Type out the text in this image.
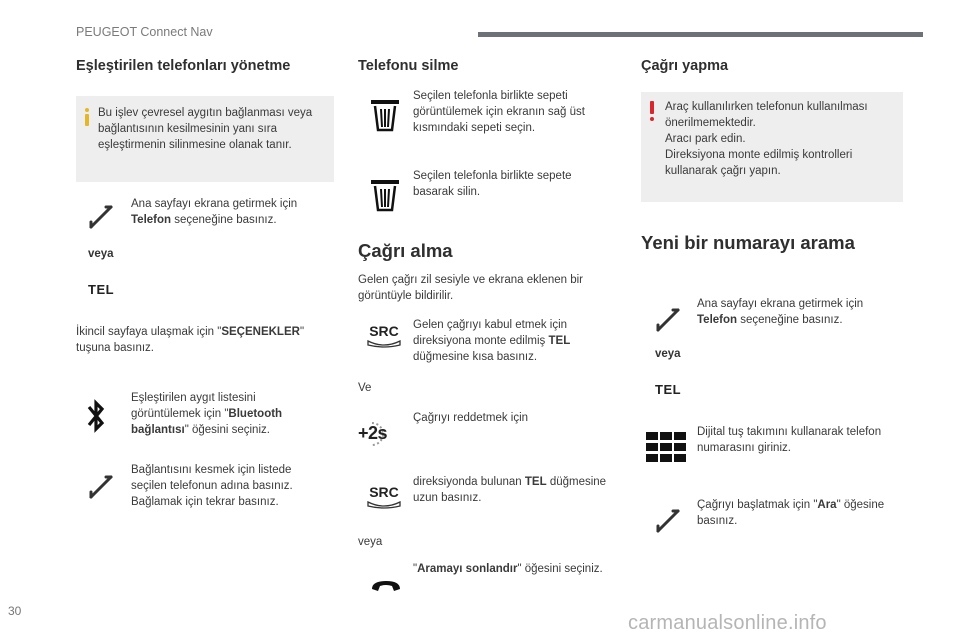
PEUGEOT Connect Nav
30
carmanualsonline.info
Eşleştirilen telefonları yönetme
Bu işlev çevresel aygıtın bağlanması veya bağlantısının kesilmesinin yanı sıra eşleştirmenin silinmesine olanak tanır.
Ana sayfayı ekrana getirmek için Telefon seçeneğine basınız.
veya
TEL
İkincil sayfaya ulaşmak için "SEÇENEKLER" tuşuna basınız.
Eşleştirilen aygıt listesini görüntülemek için "Bluetooth bağlantısı" öğesini seçiniz.
Bağlantısını kesmek için listede seçilen telefonun adına basınız. Bağlamak için tekrar basınız.
Telefonu silme
Seçilen telefonla birlikte sepeti görüntülemek için ekranın sağ üst kısmındaki sepeti seçin.
Seçilen telefonla birlikte sepete basarak silin.
Çağrı alma
Gelen çağrı zil sesiyle ve ekrana eklenen bir görüntüyle bildirilir.
SRC Gelen çağrıyı kabul etmek için direksiyona monte edilmiş TEL düğmesine kısa basınız.
Ve
+2s
Çağrıyı reddetmek için
SRC
direksiyonda bulunan TEL düğmesine uzun basınız.
veya
"Aramayı sonlandır" öğesini seçiniz.
Çağrı yapma
Araç kullanılırken telefonun kullanılması önerilmemektedir.
Aracı park edin.
Direksiyona monte edilmiş kontrolleri kullanarak çağrı yapın.
Yeni bir numarayı arama
Ana sayfayı ekrana getirmek için Telefon seçeneğine basınız.
veya
TEL
Dijital tuş takımını kullanarak telefon numarasını giriniz.
Çağrıyı başlatmak için "Ara" öğesine basınız.
